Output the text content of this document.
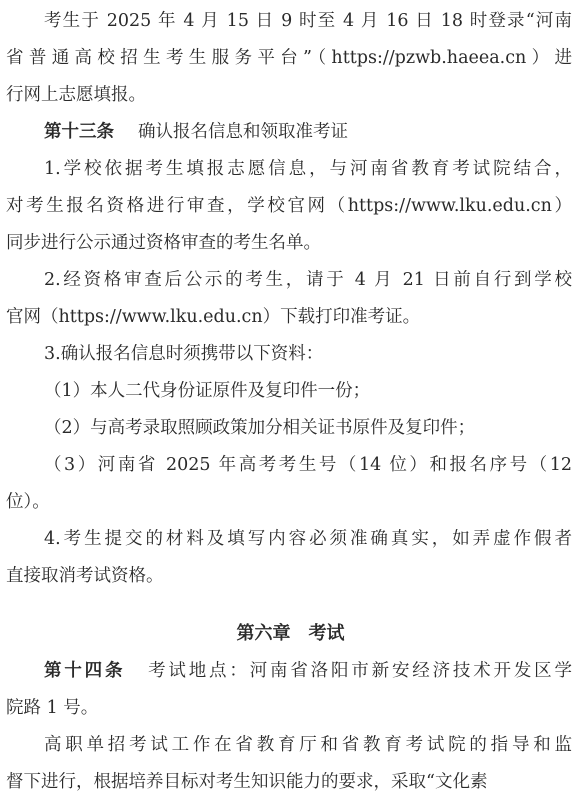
考生于 2025 年 4 月 15 日 9 时至 4 月 16 日 18 时登录“河南
省普通高校招生考生服务平台”（https://pzwb.haeea.cn）进
行网上志愿填报。
第十三条 确认报名信息和领取准考证
1.学校依据考生填报志愿信息，与河南省教育考试院结合，
对考生报名资格进行审查，学校官网（https://www.lku.edu.cn）
同步进行公示通过资格审查的考生名单。
2.经资格审查后公示的考生，请于 4 月 21 日前自行到学校
官网（https://www.lku.edu.cn）下载打印准考证。
3.确认报名信息时须携带以下资料：
（1）本人二代身份证原件及复印件一份；
（2）与高考录取照顾政策加分相关证书原件及复印件；
（3）河南省 2025 年高考考生号（14 位）和报名序号（12
位）。
4.考生提交的材料及填写内容必须准确真实，如弄虚作假者
直接取消考试资格。
第六章　考试
第十四条 考试地点：河南省洛阳市新安经济技术开发区学
院路 1 号。
高职单招考试工作在省教育厅和省教育考试院的指导和监
督下进行，根据培养目标对考生知识能力的要求，采取“文化素
